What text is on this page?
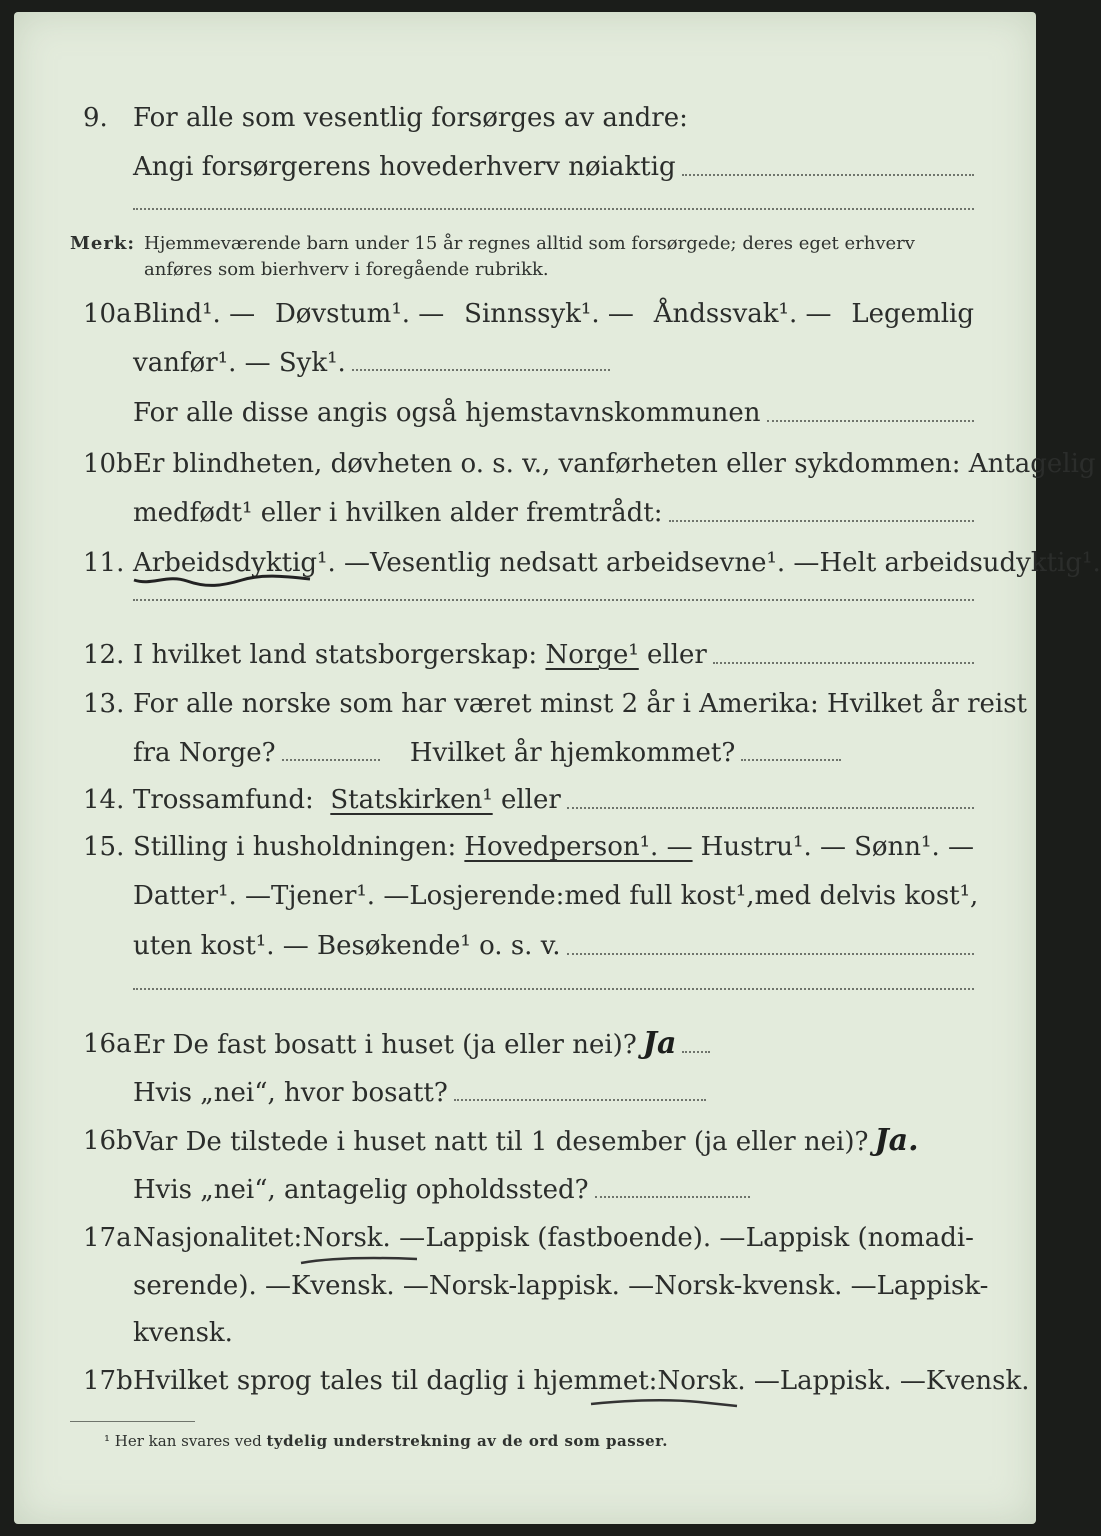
9. For alle som vesentlig forsørges av andre:
Angi forsørgerens hovederhverv nøiaktig
Merk: Hjemmeværende barn under 15 år regnes alltid som forsørgede; deres eget erhverv
anføres som bierhverv i foregående rubrikk.
10a Blind¹. — Døvstum¹. — Sinnssyk¹. — Åndssvak¹. — Legemlig
vanfør¹. — Syk¹.
For alle disse angis også hjemstavnskommunen
10b Er blindheten, døvheten o. s. v., vanførheten eller sykdommen: Antagelig
medfødt¹ eller i hvilken alder fremtrådt:
11. Arbeidsdyktig¹. — Vesentlig nedsatt arbeidsevne¹. — Helt arbeidsudyktig¹.
12. I hvilket land statsborgerskap:
Norge¹
eller
13. For alle norske som har været minst 2 år i Amerika: Hvilket år reist
fra Norge?	Hvilket år hjemkommet?
14. Trossamfund:
Statskirken¹
eller
15. Stilling i husholdningen: Hovedperson¹. — Hustru¹. — Sønn¹. —
Datter¹. — Tjener¹. — Losjerende: med full kost¹, med delvis kost¹,
uten kost¹. — Besøkende¹ o. s. v.
16a Er De fast bosatt i huset (ja eller nei)? Ja
Hvis „nei“, hvor bosatt?
16b Var De tilstede i huset natt til 1 desember (ja eller nei)? Ja.
Hvis „nei“, antagelig opholdssted?
17a Nasjonalitet: Norsk. — Lappisk (fastboende). — Lappisk (nomadi-
serende). — Kvensk. — Norsk-lappisk. — Norsk-kvensk. — Lappisk-
kvensk.
17b Hvilket sprog tales til daglig i hjemmet: Norsk. — Lappisk. — Kvensk.
¹ Her kan svares ved tydelig understrekning av de ord som passer.
